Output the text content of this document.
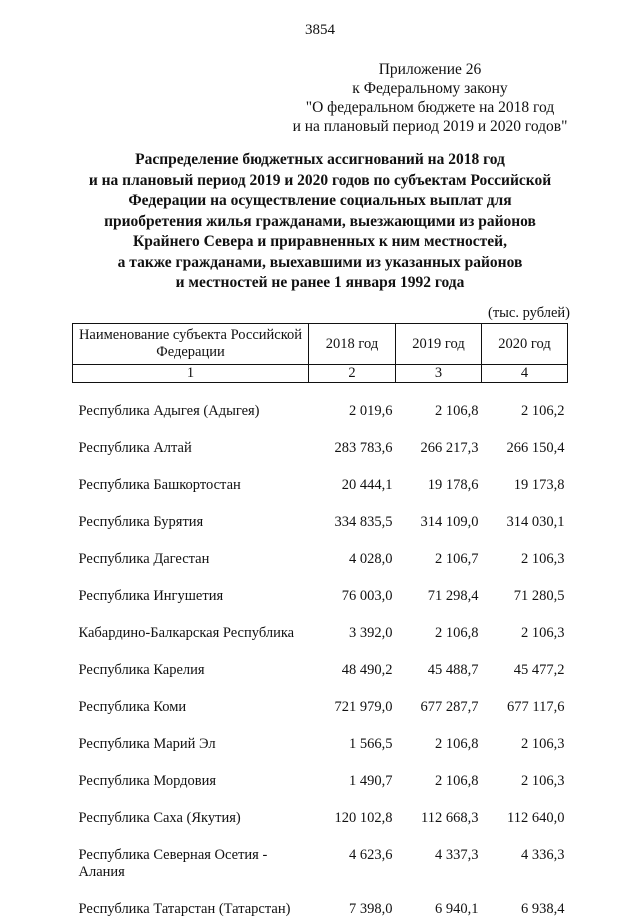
3854
Приложение 26
к Федеральному закону
"О федеральном бюджете на 2018 год
и на плановый период 2019 и 2020 годов"
Распределение бюджетных ассигнований на 2018 год
и на плановый период 2019 и 2020 годов по субъектам Российской
Федерации на осуществление социальных выплат для
приобретения жилья гражданами, выезжающими из районов
Крайнего Севера и приравненных к ним местностей,
а также гражданами, выехавшими из указанных районов
и местностей не ранее 1 января 1992 года
(тыс. рублей)
Наименование субъекта Российской Федерации	2018 год	2019 год	2020 год
1	2	3	4
Республика Адыгея (Адыгея)	2 019,6	2 106,8	2 106,2
Республика Алтай	283 783,6	266 217,3	266 150,4
Республика Башкортостан	20 444,1	19 178,6	19 173,8
Республика Бурятия	334 835,5	314 109,0	314 030,1
Республика Дагестан	4 028,0	2 106,7	2 106,3
Республика Ингушетия	76 003,0	71 298,4	71 280,5
Кабардино-Балкарская Республика	3 392,0	2 106,8	2 106,3
Республика Карелия	48 490,2	45 488,7	45 477,2
Республика Коми	721 979,0	677 287,7	677 117,6
Республика Марий Эл	1 566,5	2 106,8	2 106,3
Республика Мордовия	1 490,7	2 106,8	2 106,3
Республика Саха (Якутия)	120 102,8	112 668,3	112 640,0
Республика Северная Осетия - Алания	4 623,6	4 337,3	4 336,3
Республика Татарстан (Татарстан)	7 398,0	6 940,1	6 938,4
